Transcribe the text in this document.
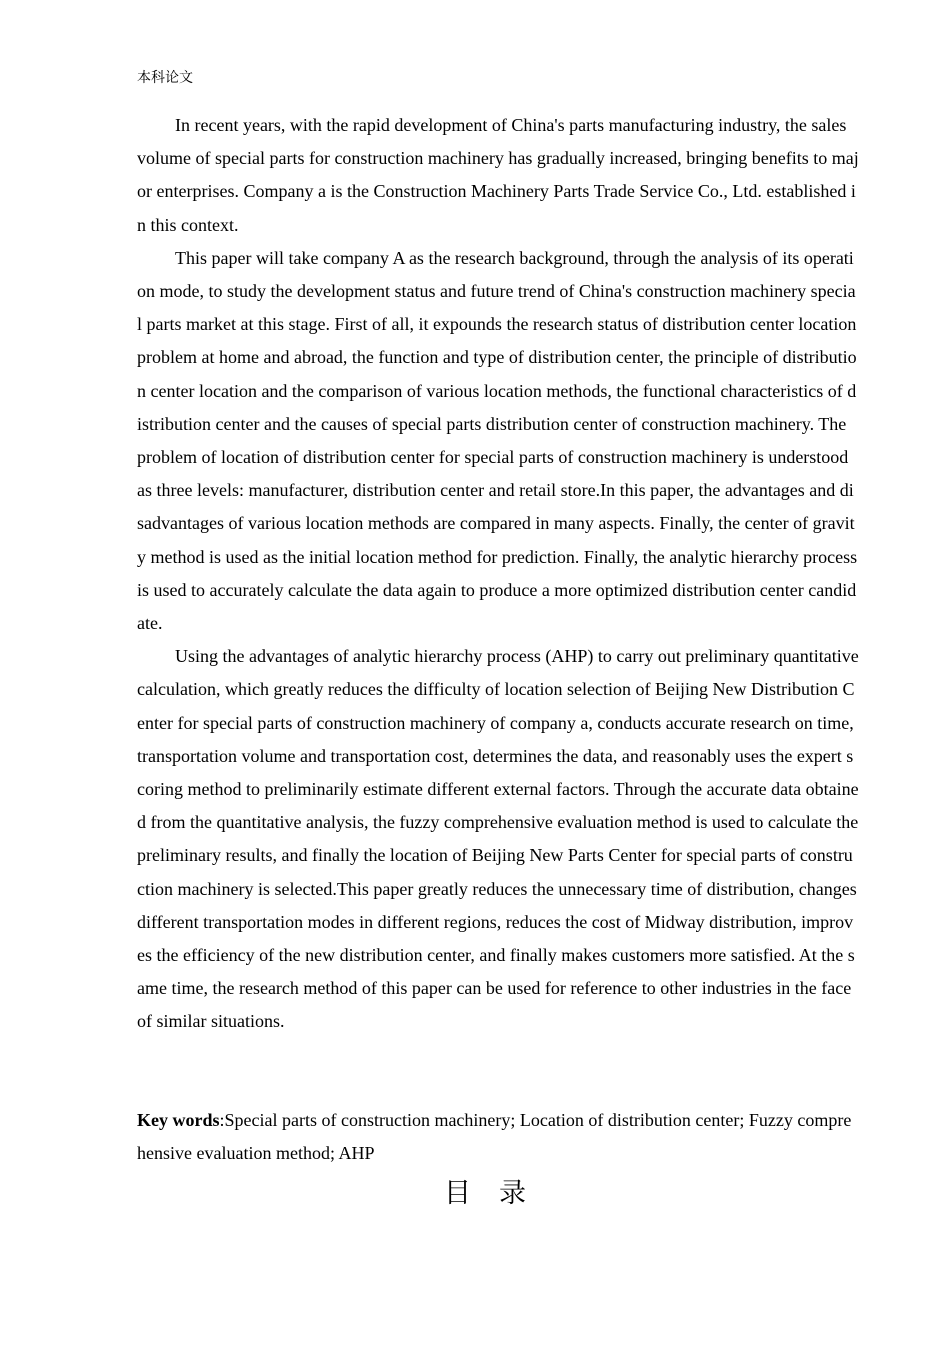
本科论文

In recent years, with the rapid development of China's parts manufacturing industry, the sales volume of special parts for construction machinery has gradually increased, bringing benefits to major enterprises. Company a is the Construction Machinery Parts Trade Service Co., Ltd. established in this context.

This paper will take company A as the research background, through the analysis of its operation mode, to study the development status and future trend of China's construction machinery special parts market at this stage. First of all, it expounds the research status of distribution center location problem at home and abroad, the function and type of distribution center, the principle of distribution center location and the comparison of various location methods, the functional characteristics of distribution center and the causes of special parts distribution center of construction machinery. The problem of location of distribution center for special parts of construction machinery is understood as three levels: manufacturer, distribution center and retail store.In this paper, the advantages and disadvantages of various location methods are compared in many aspects. Finally, the center of gravity method is used as the initial location method for prediction. Finally, the analytic hierarchy process is used to accurately calculate the data again to produce a more optimized distribution center candidate.

Using the advantages of analytic hierarchy process (AHP) to carry out preliminary quantitative calculation, which greatly reduces the difficulty of location selection of Beijing New Distribution Center for special parts of construction machinery of company a, conducts accurate research on time, transportation volume and transportation cost, determines the data, and reasonably uses the expert scoring method to preliminarily estimate different external factors. Through the accurate data obtained from the quantitative analysis, the fuzzy comprehensive evaluation method is used to calculate the preliminary results, and finally the location of Beijing New Parts Center for special parts of construction machinery is selected.This paper greatly reduces the unnecessary time of distribution, changes different transportation modes in different regions, reduces the cost of Midway distribution, improves the efficiency of the new distribution center, and finally makes customers more satisfied. At the same time, the research method of this paper can be used for reference to other industries in the face of similar situations.

Key words:Special parts of construction machinery; Location of distribution center; Fuzzy comprehensive evaluation method; AHP
目录
